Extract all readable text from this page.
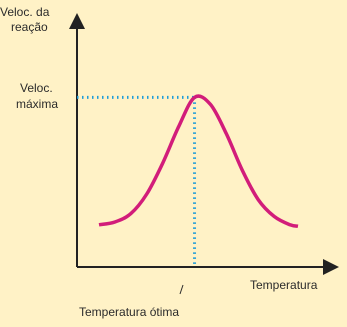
Veloc. da
reação
Veloc.
máxima
Temperatura
Temperatura ótima
